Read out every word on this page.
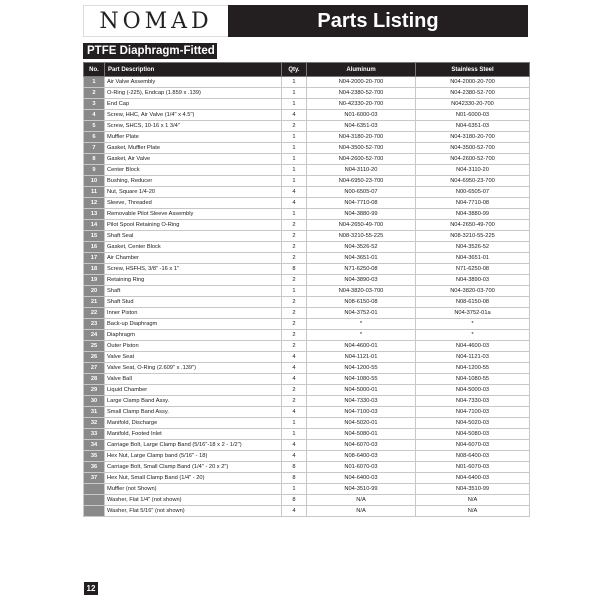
NOMAD	Parts Listing
PTFE Diaphragm-Fitted
No.	Part Description	Qty.	Aluminum	Stainless Steel
1	Air Valve Assembly	1	N04-2000-20-700	N04-2000-20-700
2	O-Ring (-225), Endcap (1.859 x .139)	1	N04-2380-52-700	N04-2380-52-700
3	End Cap	1	N0-42330-20-700	N042330-20-700
4	Screw, HHC, Air Valve (1/4" x 4.5")	4	N01-6000-03	N01-6000-03
5	Screw, SHCS, 10-16 x 1 3/4"	2	N04-6351-03	N04-6351-03
6	Muffler Plate	1	N04-3180-20-700	N04-3180-20-700
7	Gasket, Muffler Plate	1	N04-3500-52-700	N04-3500-52-700
8	Gasket, Air Valve	1	N04-2600-52-700	N04-2600-52-700
9	Center Block	1	N04-3110-20	N04-3110-20
10	Bushing, Reducer	1	N04-6950-23-700	N04-6950-23-700
11	Nut, Square 1/4-20	4	N00-6505-07	N00-6505-07
12	Sleeve, Threaded	4	N04-7710-08	N04-7710-08
13	Removable Pilot Sleeve Assembly	1	N04-3880-99	N04-3880-99
14	Pilot Spool Retaining O-Ring	2	N04-2650-49-700	N04-2650-49-700
15	Shaft Seal	2	N08-3210-55-225	N08-3210-55-225
16	Gasket, Center Block	2	N04-3526-52	N04-3526-52
17	Air Chamber	2	N04-3651-01	N04-3651-01
18	Screw, HSFHS, 3/8" -16 x 1"	8	N71-6250-08	N71-6250-08
19	Retaining Ring	2	N04-3890-03	N04-3890-03
20	Shaft	1	N04-3820-03-700	N04-3820-03-700
21	Shaft Stud	2	N08-6150-08	N08-6150-08
22	Inner Piston	2	N04-3752-01	N04-3752-01a
23	Back-up Diaphragm	2	*	*
24	Diaphragm	2	*	*
25	Outer Piston	2	N04-4600-01	N04-4600-03
26	Valve Seat	4	N04-1121-01	N04-1121-03
27	Valve Seat, O-Ring (2.609" x .139")	4	N04-1200-55	N04-1200-55
28	Valve Ball	4	N04-1080-55	N04-1080-55
29	Liquid Chamber	2	N04-5000-01	N04-5000-03
30	Large Clamp Band Assy.	2	N04-7330-03	N04-7330-03
31	Small Clamp Band Assy.	4	N04-7100-03	N04-7100-03
32	Manifold, Discharge	1	N04-5020-01	N04-5020-03
33	Manifold, Footed Inlet	1	N04-5080-01	N04-5080-03
34	Carriage Bolt, Large Clamp Band (5/16"-18 x 2 - 1/2")	4	N04-6070-03	N04-6070-03
35	Hex Nut, Large Clamp band (5/16" - 18)	4	N08-6400-03	N08-6400-03
36	Carriage Bolt, Small Clamp Band (1/4" - 20 x 2")	8	N01-6070-03	N01-6070-03
37	Hex Nut, Small Clamp Band (1/4" - 20)	8	N04-6400-03	N04-6400-03
	Muffler (not Shown)	1	N04-3510-99	N04-3510-99
	Washer, Flat 1/4" (not shown)	8	N/A	N/A
	Washer, Flat 5/16" (not shown)	4	N/A	N/A
12
